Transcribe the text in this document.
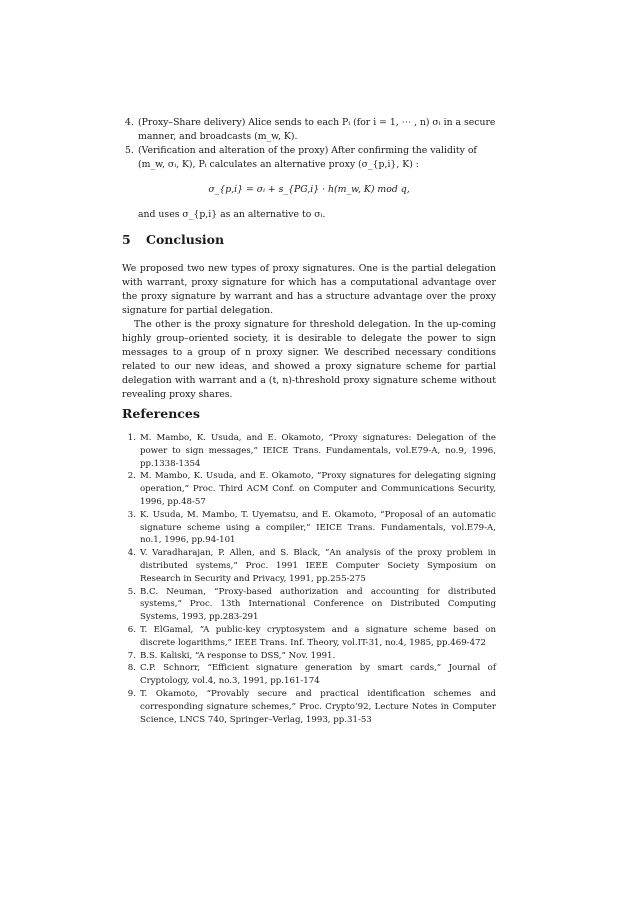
4. (Proxy–Share delivery) Alice sends to each Pᵢ (for i = 1, ⋯ , n) σᵢ in a secure manner, and broadcasts (m_w, K).
5. (Verification and alteration of the proxy) After confirming the validity of (m_w, σᵢ, K), Pᵢ calculates an alternative proxy (σ_{p,i}, K) :
σ_{p,i} = σᵢ + s_{PG,i} · h(m_w, K) mod q,
and uses σ_{p,i} as an alternative to σᵢ.
5 Conclusion

We proposed two new types of proxy signatures. One is the partial delegation with warrant, proxy signature for which has a computational advantage over the proxy signature by warrant and has a structure advantage over the proxy signature for partial delegation.

The other is the proxy signature for threshold delegation. In the up-coming highly group–oriented society, it is desirable to delegate the power to sign messages to a group of n proxy signer. We described necessary conditions related to our new ideas, and showed a proxy signature scheme for partial delegation with warrant and a (t, n)-threshold proxy signature scheme without revealing proxy shares.

References
1. M. Mambo, K. Usuda, and E. Okamoto, “Proxy signatures: Delegation of the power to sign messages,” IEICE Trans. Fundamentals, vol.E79-A, no.9, 1996, pp.1338-1354
2. M. Mambo, K. Usuda, and E. Okamoto, “Proxy signatures for delegating signing operation,” Proc. Third ACM Conf. on Computer and Communications Security, 1996, pp.48-57
3. K. Usuda, M. Mambo, T. Uyematsu, and E. Okamoto, “Proposal of an automatic signature scheme using a compiler,” IEICE Trans. Fundamentals, vol.E79-A, no.1, 1996, pp.94-101
4. V. Varadharajan, P. Allen, and S. Black, ”An analysis of the proxy problem in distributed systems,” Proc. 1991 IEEE Computer Society Symposium on Research in Security and Privacy, 1991, pp.255-275
5. B.C. Neuman, “Proxy-based authorization and accounting for distributed systems,” Proc. 13th International Conference on Distributed Computing Systems, 1993, pp.283-291
6. T. ElGamal, “A public-key cryptosystem and a signature scheme based on discrete logarithms,” IEEE Trans. Inf. Theory, vol.IT-31, no.4, 1985, pp.469-472
7. B.S. Kaliski, “A response to DSS,” Nov. 1991.
8. C.P. Schnorr, “Efficient signature generation by smart cards,” Journal of Cryptology, vol.4, no.3, 1991, pp.161-174
9. T. Okamoto, “Provably secure and practical identification schemes and corresponding signature schemes,” Proc. Crypto’92, Lecture Notes in Computer Science, LNCS 740, Springer–Verlag, 1993, pp.31-53
